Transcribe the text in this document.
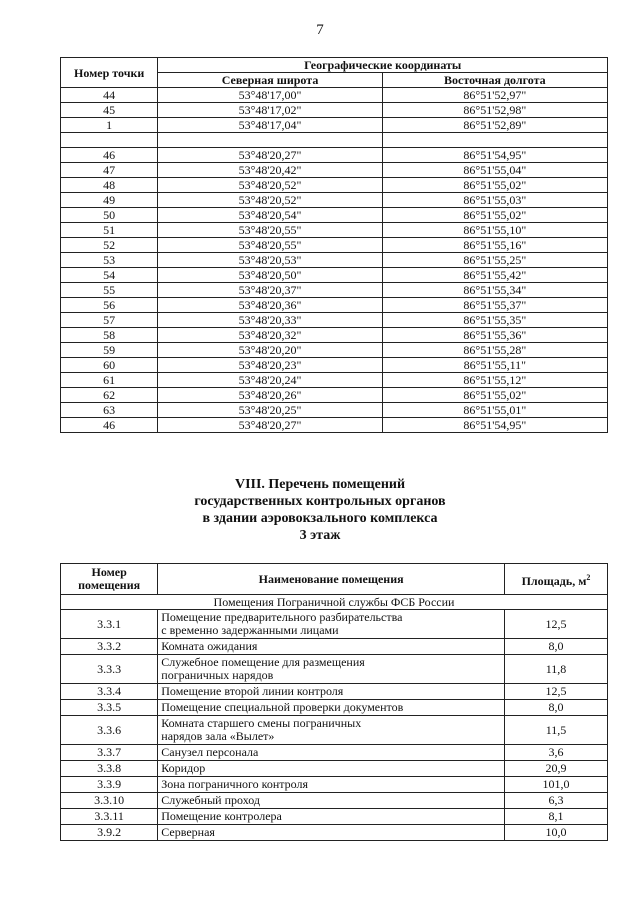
7
Номер точки	Географические координаты	
	Северная широта	Восточная долгота
44	53°48'17,00"	86°51'52,97"
45	53°48'17,02"	86°51'52,98"
1	53°48'17,04"	86°51'52,89"

46	53°48'20,27"	86°51'54,95"
47	53°48'20,42"	86°51'55,04"
48	53°48'20,52"	86°51'55,02"
49	53°48'20,52"	86°51'55,03"
50	53°48'20,54"	86°51'55,02"
51	53°48'20,55"	86°51'55,10"
52	53°48'20,55"	86°51'55,16"
53	53°48'20,53"	86°51'55,25"
54	53°48'20,50"	86°51'55,42"
55	53°48'20,37"	86°51'55,34"
56	53°48'20,36"	86°51'55,37"
57	53°48'20,33"	86°51'55,35"
58	53°48'20,32"	86°51'55,36"
59	53°48'20,20"	86°51'55,28"
60	53°48'20,23"	86°51'55,11"
61	53°48'20,24"	86°51'55,12"
62	53°48'20,26"	86°51'55,02"
63	53°48'20,25"	86°51'55,01"
46	53°48'20,27"	86°51'54,95"
VIII. Перечень помещений
государственных контрольных органов
в здании аэровокзального комплекса
3 этаж
Номер
помещения	Наименование помещения	Площадь, $м^2$
Помещения Пограничной службы ФСБ России		
3.3.1	Помещение предварительного разбирательства
с временно задержанными лицами	12,5
3.3.2	Комната ожидания	8,0
3.3.3	Служебное помещение для размещения
пограничных нарядов	11,8
3.3.4	Помещение второй линии контроля	12,5
3.3.5	Помещение специальной проверки документов	8,0
3.3.6	Комната старшего смены пограничных
нарядов зала «Вылет»	11,5
3.3.7	Санузел персонала	3,6
3.3.8	Коридор	20,9
3.3.9	Зона пограничного контроля	101,0
3.3.10	Служебный проход	6,3
3.3.11	Помещение контролера	8,1
3.9.2	Серверная	10,0
